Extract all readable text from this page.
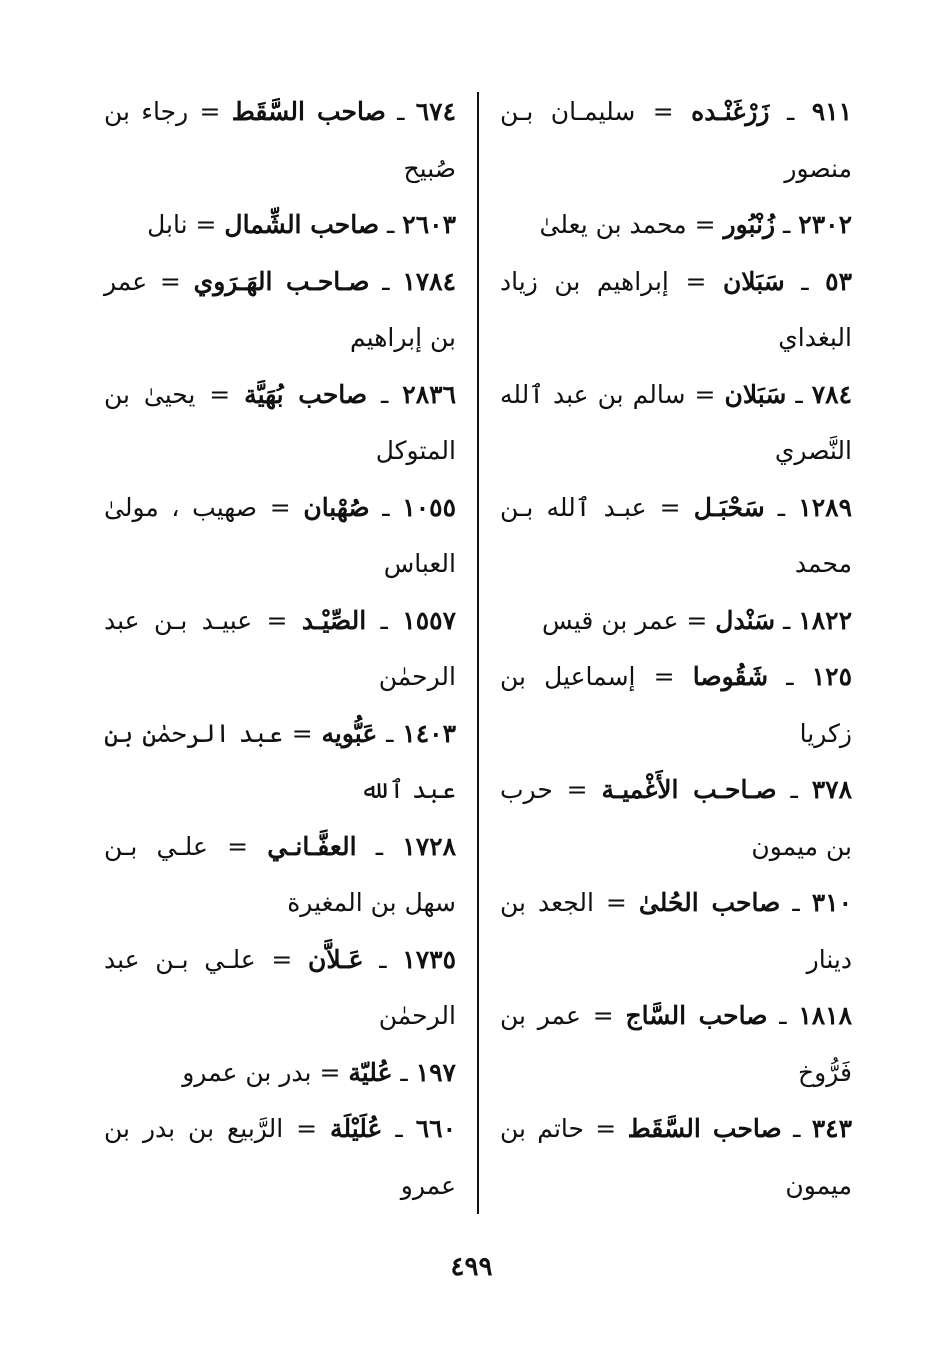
٩١١ ـ زَرْغَنْـده = سليمـان بـن منصور

٢٣٠٢ ـ زُنْبُور = محمد بن يعلىٰ

٥٣ ـ سَبَلان = إبراهيم بن زياد البغداي

٧٨٤ ـ سَبَلان = سالم بن عبد ٱلله النَّصري

١٢٨٩ ـ سَحْبَـل = عبـد ٱلله بـن محمد

١٨٢٢ ـ سَنْدل = عمر بن قيس

١٢٥ ـ شَقُوصا = إسماعيل بن زكريا

٣٧٨ ـ صـاحـب الأَغْميـة = حرب بن ميمون

٣١٠ ـ صاحب الحُلىٰ = الجعد بن دينار

١٨١٨ ـ صاحب السَّاج = عمر بن فَرُّوخ

٣٤٣ ـ صاحب السَّقَط = حاتم بن ميمون

٦٧٤ ـ صاحب السَّقَط = رجاء بن صُبيح

٢٦٠٣ ـ صاحب الشِّمال = نابل

١٧٨٤ ـ صـاحـب الهَـرَوي = عمر بن إبراهيم

٢٨٣٦ ـ صاحب بُهَيَّة = يحيىٰ بن المتوكل

١٠٥٥ ـ صُهْبان = صهيب ، مولىٰ العباس

١٥٥٧ ـ الصِّيْـد = عبيـد بـن عبد الرحمٰن

١٤٠٣ ـ عَبُّويه = عبد الرحمٰن بن عبد ٱلله

١٧٢٨ ـ العفَّـانـي = علـي بـن سهل بن المغيرة

١٧٣٥ ـ عَـلاَّن = علـي بـن عبد الرحمٰن

١٩٧ ـ عُليّة = بدر بن عمرو

٦٦٠ ـ عُلَيْلَة = الرَّبيع بن بدر بن عمرو

٤٩٩
